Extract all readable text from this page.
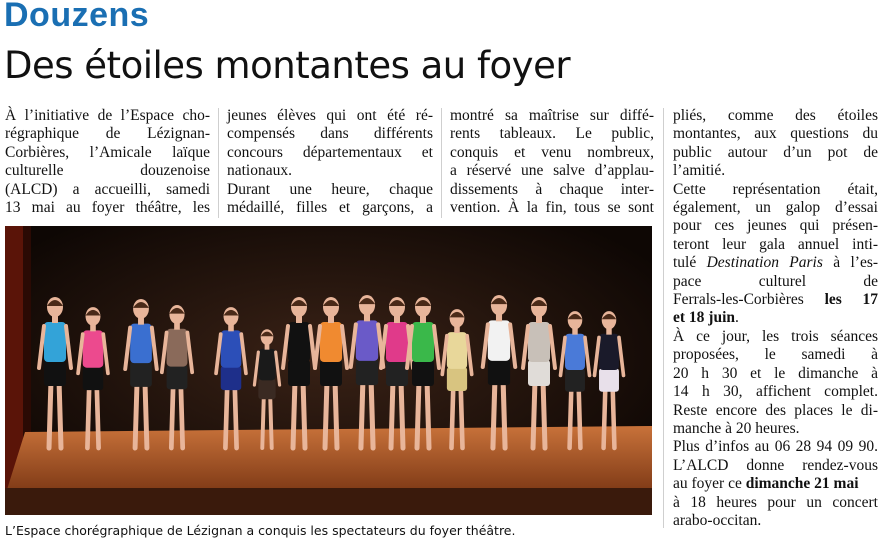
Douzens
Des étoiles montantes au foyer
À l’initiative de l’Espace cho-
régraphique de Lézignan-
Corbières, l’Amicale laïque
culturelle douzenoise
(ALCD) a accueilli, samedi
13 mai au foyer théâtre, les
jeunes élèves qui ont été ré-
compensés dans différents
concours départementaux et
nationaux.
Durant une heure, chaque
médaillé, filles et garçons, a
montré sa maîtrise sur diffé-
rents tableaux. Le public,
conquis et venu nombreux,
a réservé une salve d’applau-
dissements à chaque inter-
vention. À la fin, tous se sont
pliés, comme des étoiles
montantes, aux questions du
public autour d’un pot de
l’amitié.
Cette représentation était,
également, un galop d’essai
pour ces jeunes qui présen-
teront leur gala annuel inti-
tulé Destination Paris à l’es-
pace culturel de
Ferrals-les-Corbières les 17
et 18 juin.
À ce jour, les trois séances
proposées, le samedi à
20 h 30 et le dimanche à
14 h 30, affichent complet.
Reste encore des places le di-
manche à 20 heures.
Plus d’infos au 06 28 94 09 90.
L’ALCD donne rendez-vous
au foyer ce dimanche 21 mai
à 18 heures pour un concert
arabo-occitan.
L’Espace chorégraphique de Lézignan a conquis les spectateurs du foyer théâtre.
